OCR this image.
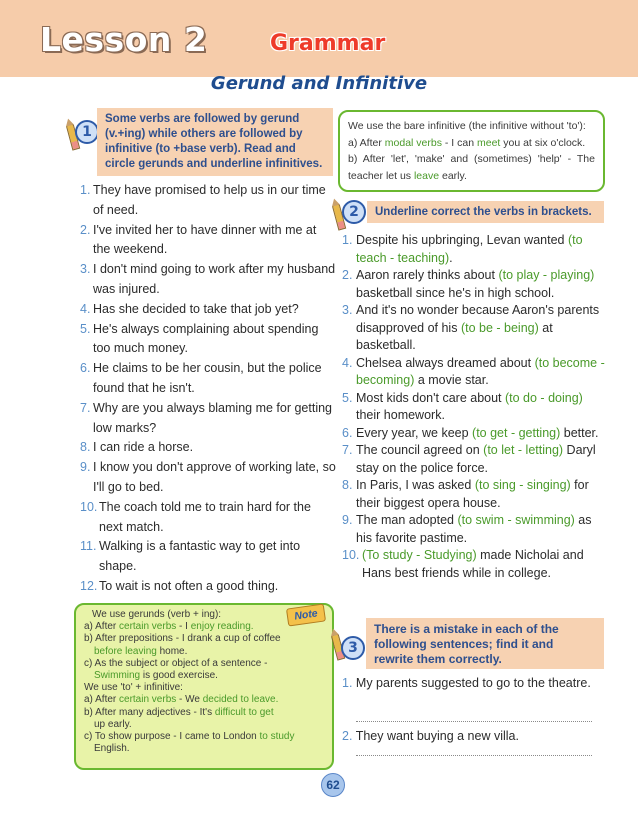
Lesson 2	Grammar
Gerund and Infinitive
1
Some verbs are followed by gerund (v.+ing) while others are followed by infinitive (to +base verb). Read and circle gerunds and underline infinitives.
1. They have promised to help us in our time of need.
2. I've invited her to have dinner with me at the weekend.
3. I don't mind going to work after my husband was injured.
4. Has she decided to take that job yet?
5. He's always complaining about spending too much money.
6. He claims to be her cousin, but the police found that he isn't.
7. Why are you always blaming me for getting low marks?
8. I can ride a horse.
9. I know you don't approve of working late, so I'll go to bed.
10. The coach told me to train hard for the next match.
11. Walking is a fantastic way to get into shape.
12. To wait is not often a good thing.

We use the bare infinitive (the infinitive without 'to'):

a) After modal verbs - I can meet you at six o'clock.

b) After 'let', 'make' and (sometimes) 'help' - The teacher let us leave early.

2	Underline correct the verbs in brackets.
1. Despite his upbringing, Levan wanted (to teach - teaching).
2. Aaron rarely thinks about (to play - playing) basketball since he's in high school.
3. And it's no wonder because Aaron's parents disapproved of his (to be - being) at basketball.
4. Chelsea always dreamed about (to become - becoming) a movie star.
5. Most kids don't care about (to do - doing) their homework.
6. Every year, we keep (to get - getting) better.
7. The council agreed on (to let - letting) Daryl stay on the police force.
8. In Paris, I was asked (to sing - singing) for their biggest opera house.
9. The man adopted (to swim - swimming) as his favorite pastime.
10. (To study - Studying) made Nicholai and Hans best friends while in college.

We use gerunds (verb + ing):

a) After certain verbs - I enjoy reading.

b) After prepositions - I drank a cup of coffee
before leaving home.

c) As the subject or object of a sentence -
Swimming is good exercise.

We use 'to' + infinitive:

a) After certain verbs - We decided to leave.

b) After many adjectives - It's difficult to get
up early.

c) To show purpose - I came to London to study
English.

Note
3
There is a mistake in each of the following sentences; find it and rewrite them correctly.
1. My parents suggested to go to the theatre.
2. They want buying a new villa.
62
